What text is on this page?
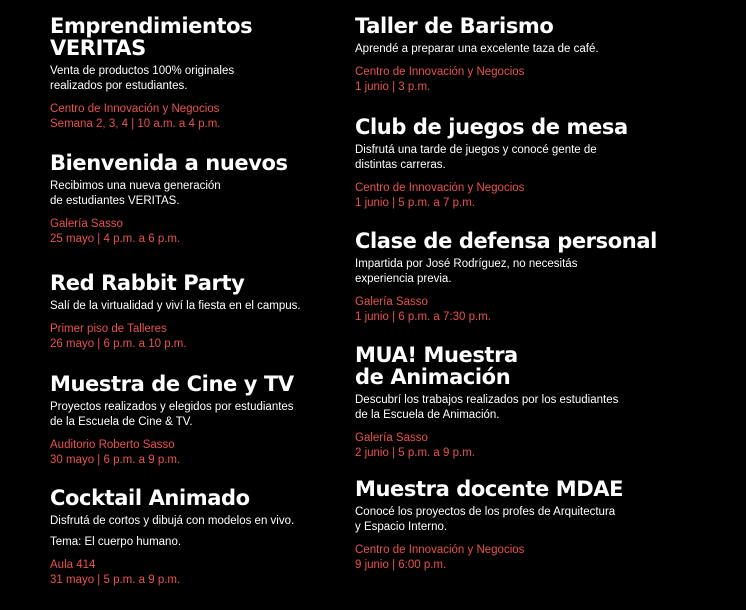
Emprendimientos
VERITAS
Venta de productos 100% originales
realizados por estudiantes.
Centro de Innovación y Negocios
Semana 2, 3, 4 | 10 a.m. a 4 p.m.
Bienvenida a nuevos
Recibimos una nueva generación
de estudiantes VERITAS.
Galería Sasso
25 mayo | 4 p.m. a 6 p.m.
Red Rabbit Party
Salí de la virtualidad y viví la fiesta en el campus.
Primer piso de Talleres
26 mayo | 6 p.m. a 10 p.m.
Muestra de Cine y TV
Proyectos realizados y elegidos por estudiantes
de la Escuela de Cine & TV.
Auditorio Roberto Sasso
30 mayo | 6 p.m. a 9 p.m.
Cocktail Animado
Disfrutá de cortos y dibujá con modelos en vivo.
Tema: El cuerpo humano.
Aula 414
31 mayo | 5 p.m. a 9 p.m.
Taller de Barismo
Aprendé a preparar una excelente taza de café.
Centro de Innovación y Negocios
1 junio | 3 p.m.
Club de juegos de mesa
Disfrutá una tarde de juegos y conocé gente de
distintas carreras.
Centro de Innovación y Negocios
1 junio | 5 p.m. a 7 p.m.
Clase de defensa personal
Impartida por José Rodríguez, no necesitás
experiencia previa.
Galería Sasso
1 junio | 6 p.m. a 7:30 p.m.
MUA! Muestra
de Animación
Descubrí los trabajos realizados por los estudiantes
de la Escuela de Animación.
Galería Sasso
2 junio | 5 p.m. a 9 p.m.
Muestra docente MDAE
Conocé los proyectos de los profes de Arquitectura
y Espacio Interno.
Centro de Innovación y Negocios
9 junio | 6:00 p.m.
